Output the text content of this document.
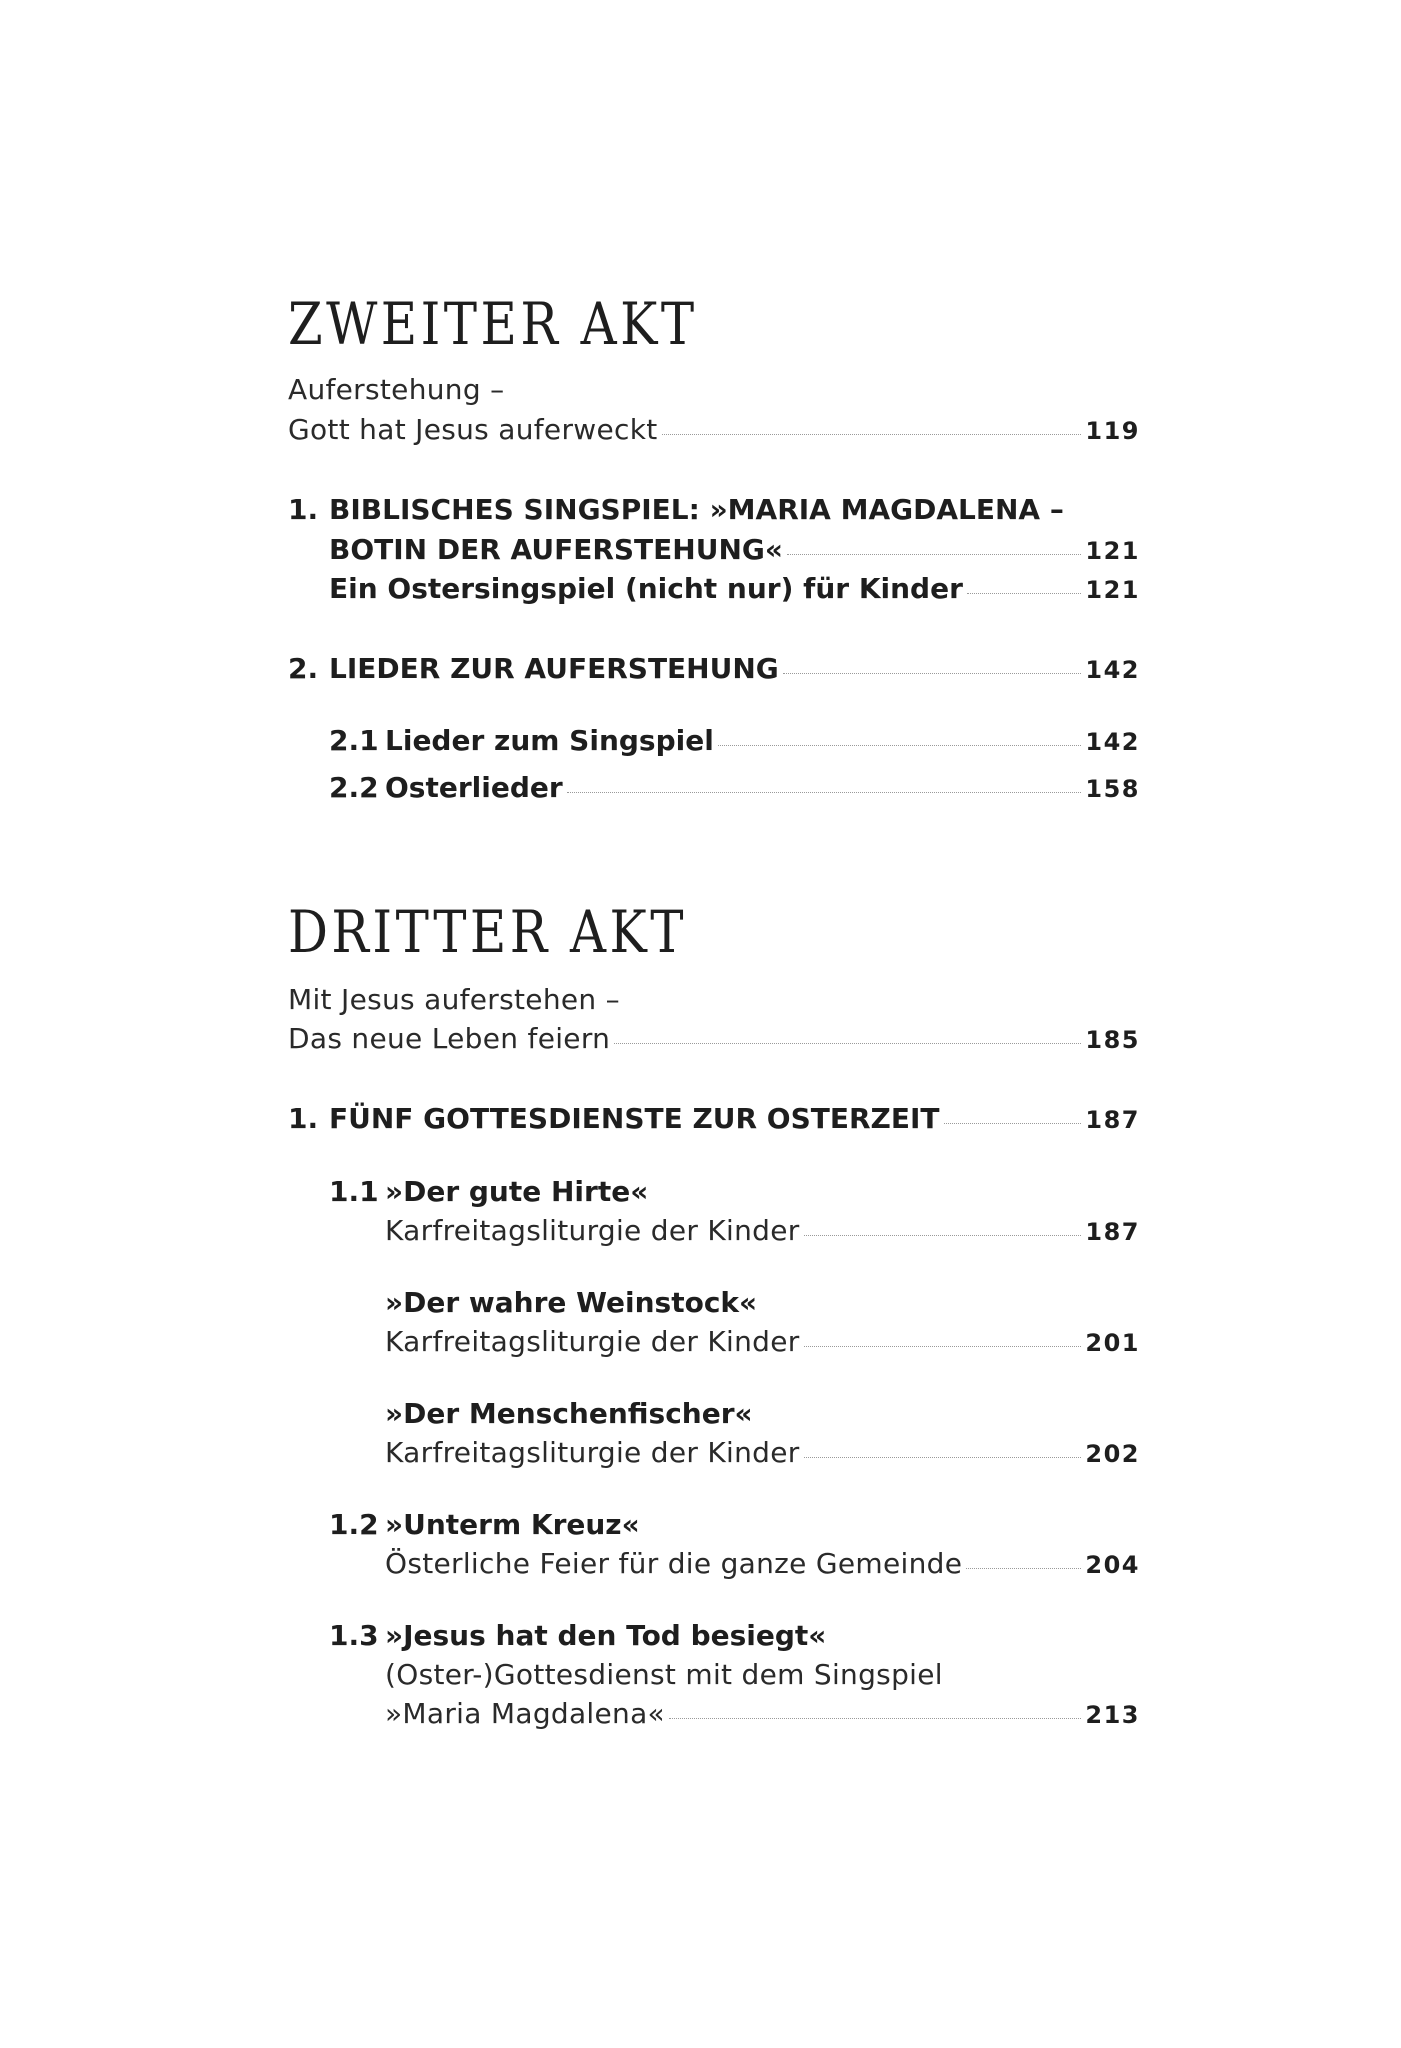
ZWEITER AKT
Auferstehung –
Gott hat Jesus auferweckt	119
1. BIBLISCHES SINGSPIEL: »MARIA MAGDALENA –
BOTIN DER AUFERSTEHUNG«	121
Ein Ostersingspiel (nicht nur) für Kinder	121
2. LIEDER ZUR AUFERSTEHUNG	142
2.1 Lieder zum Singspiel	142
2.2 Osterlieder	158
DRITTER AKT
Mit Jesus auferstehen –
Das neue Leben feiern	185
1. FÜNF GOTTESDIENSTE ZUR OSTERZEIT	187
1.1 »Der gute Hirte«
Karfreitagsliturgie der Kinder	187
»Der wahre Weinstock«
Karfreitagsliturgie der Kinder	201
»Der Menschenfischer«
Karfreitagsliturgie der Kinder	202
1.2 »Unterm Kreuz«
Österliche Feier für die ganze Gemeinde	204
1.3 »Jesus hat den Tod besiegt«
(Oster-)Gottesdienst mit dem Singspiel
»Maria Magdalena«	213
